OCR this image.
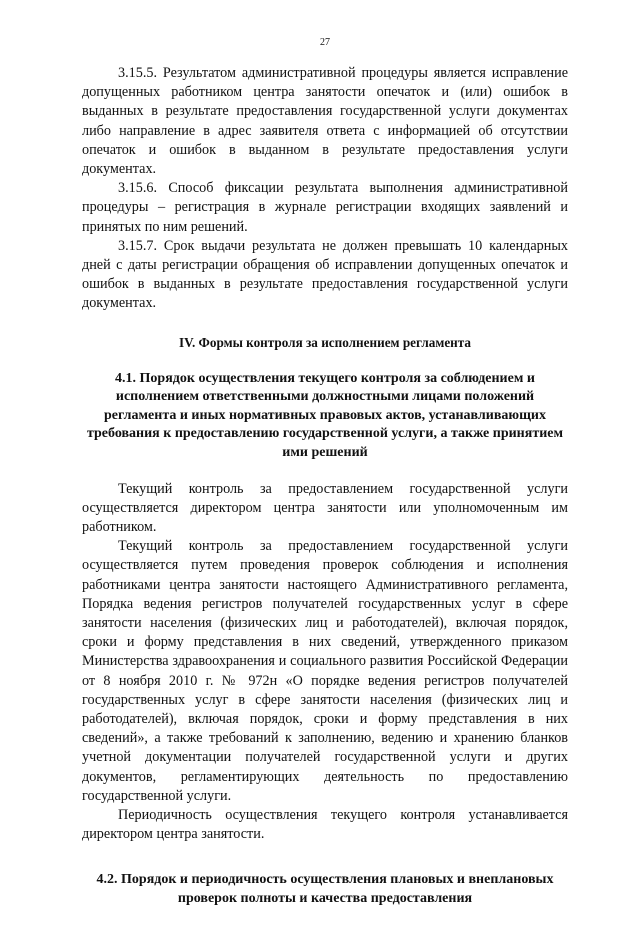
27

3.15.5. Результатом административной процедуры является исправление допущенных работником центра занятости опечаток и (или) ошибок в выданных в результате предоставления государственной услуги документах либо направление в адрес заявителя ответа с информацией об отсутствии опечаток и ошибок в выданном в результате предоставления услуги документах.

3.15.6. Способ фиксации результата выполнения административной процедуры – регистрация в журнале регистрации входящих заявлений и принятых по ним решений.

3.15.7. Срок выдачи результата не должен превышать 10 календарных дней с даты регистрации обращения об исправлении допущенных опечаток и ошибок в выданных в результате предоставления государственной услуги документах.

IV. Формы контроля за исполнением регламента
4.1. Порядок осуществления текущего контроля за соблюдением и исполнением ответственными должностными лицами положений регламента и иных нормативных правовых актов, устанавливающих требования к предоставлению государственной услуги, а также принятием ими решений

Текущий контроль за предоставлением государственной услуги осуществляется директором центра занятости или уполномоченным им работником.

Текущий контроль за предоставлением государственной услуги осуществляется путем проведения проверок соблюдения и исполнения работниками центра занятости настоящего Административного регламента, Порядка ведения регистров получателей государственных услуг в сфере занятости населения (физических лиц и работодателей), включая порядок, сроки и форму представления в них сведений, утвержденного приказом Министерства здравоохранения и социального развития Российской Федерации от 8 ноября 2010 г. № 972н «О порядке ведения регистров получателей государственных услуг в сфере занятости населения (физических лиц и работодателей), включая порядок, сроки и форму представления в них сведений», а также требований к заполнению, ведению и хранению бланков учетной документации получателей государственной услуги и других документов, регламентирующих деятельность по предоставлению государственной услуги.

Периодичность осуществления текущего контроля устанавливается директором центра занятости.

4.2. Порядок и периодичность осуществления плановых и внеплановых проверок полноты и качества предоставления
